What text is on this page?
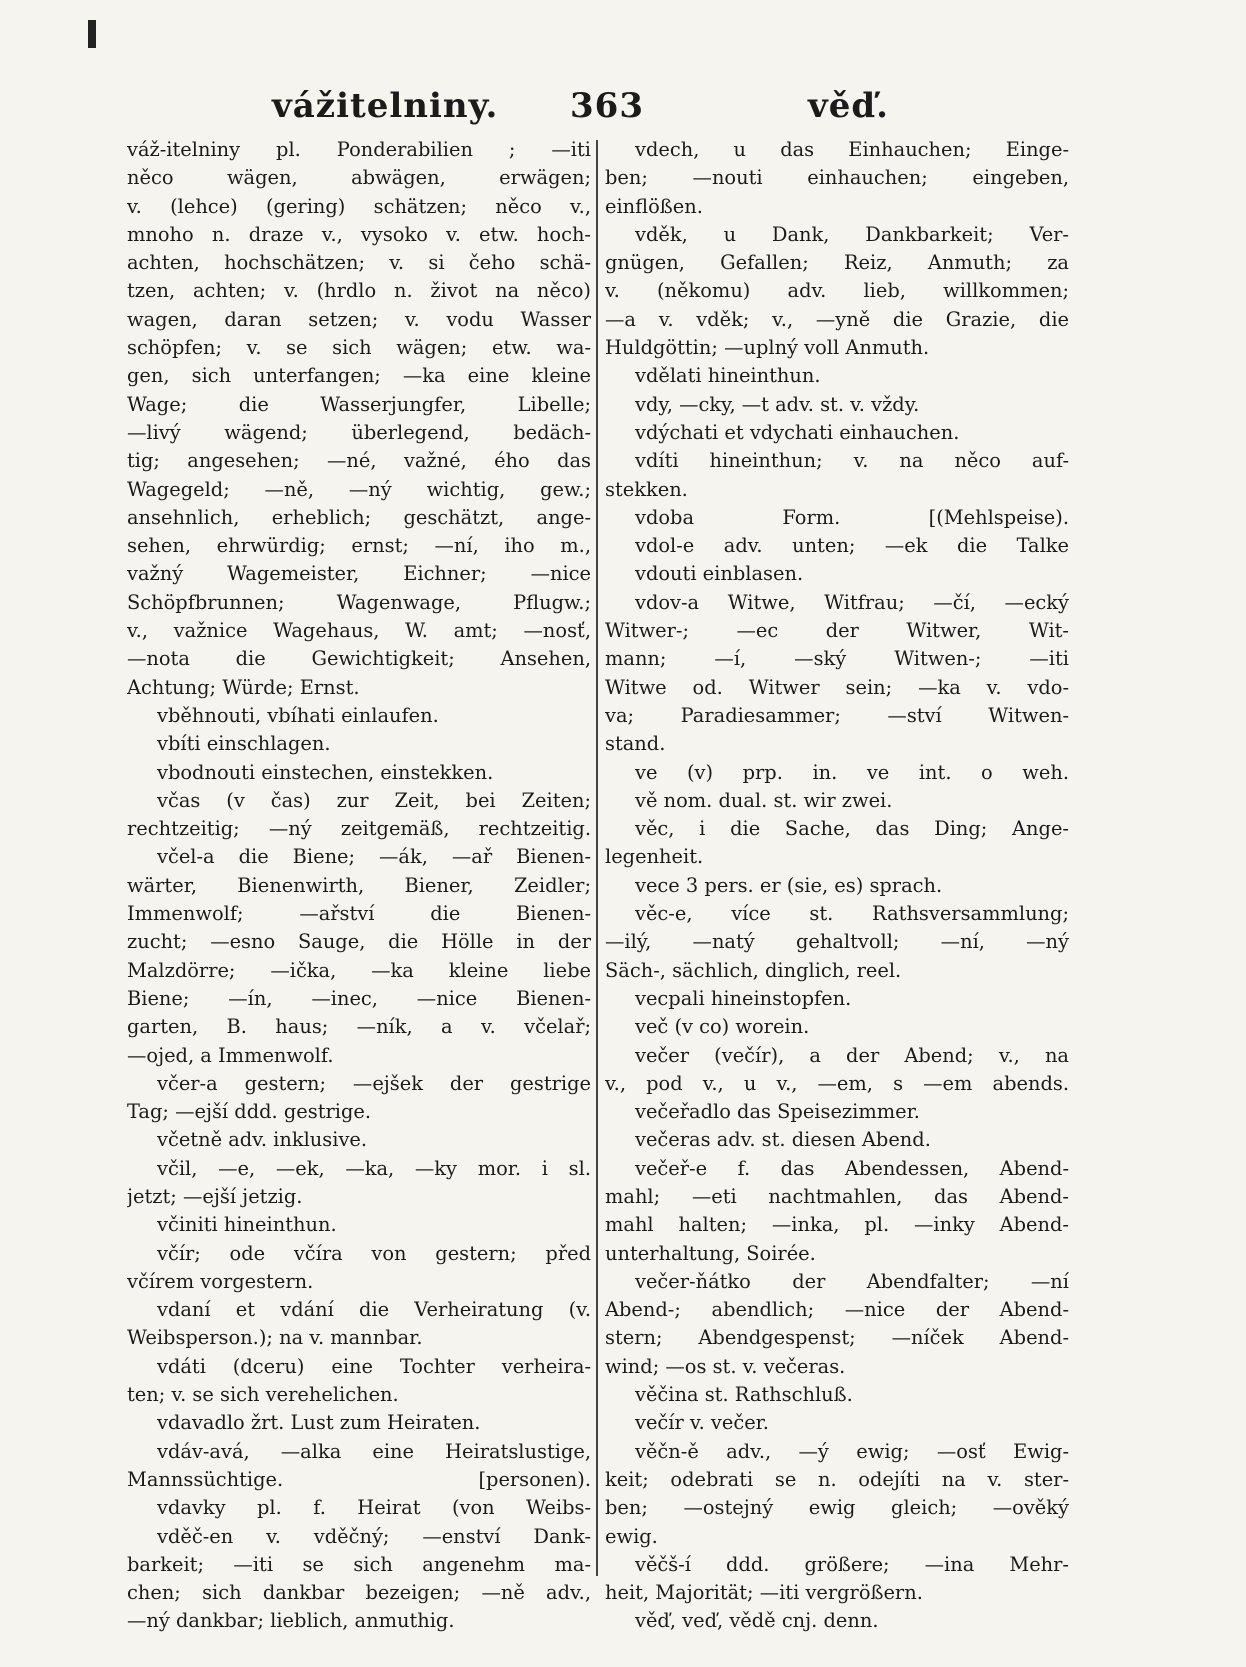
vážitelniny. 363	věď.
váž-itelniny pl. Ponderabilien ; —iti
něco wägen, abwägen, erwägen;
v. (lehce) (gering) schätzen; něco v.,
mnoho n. draze v., vysoko v. etw. hoch-
achten, hochschätzen; v. si čeho schä-
tzen, achten; v. (hrdlo n. život na něco)
wagen, daran setzen; v. vodu Wasser
schöpfen; v. se sich wägen; etw. wa-
gen, sich unterfangen; —ka eine kleine
Wage; die Wasserjungfer, Libelle;
—livý wägend; überlegend, bedäch-
tig; angesehen; —né, važné, ého das
Wagegeld; —ně, —ný wichtig, gew.;
ansehnlich, erheblich; geschätzt, ange-
sehen, ehrwürdig; ernst; —ní, iho m.,
važný Wagemeister, Eichner; —nice
Schöpfbrunnen; Wagenwage, Pflugw.;
v., važnice Wagehaus, W. amt; —nosť,
—nota die Gewichtigkeit; Ansehen,
Achtung; Würde; Ernst.
vběhnouti, vbíhati einlaufen.
vbíti einschlagen.
vbodnouti einstechen, einstekken.
včas (v čas) zur Zeit, bei Zeiten;
rechtzeitig; —ný zeitgemäß, rechtzeitig.
včel-a die Biene; —ák, —ař Bienen-
wärter, Bienenwirth, Biener, Zeidler;
Immenwolf; —ařství die Bienen-
zucht; —esno Sauge, die Hölle in der
Malzdörre; —ička, —ka kleine liebe
Biene; —ín, —inec, —nice Bienen-
garten, B. haus; —ník, a v. včelař;
—ojed, a Immenwolf.
včer-a gestern; —ejšek der gestrige
Tag; —ejší ddd. gestrige.
včetně adv. inklusive.
včil, —e, —ek, —ka, —ky mor. i sl.
jetzt; —ejší jetzig.
včiniti hineinthun.
včír; ode včíra von gestern; před
včírem vorgestern.
vdaní et vdání die Verheiratung (v.
Weibsperson.); na v. mannbar.
vdáti (dceru) eine Tochter verheira-
ten; v. se sich verehelichen.
vdavadlo žrt. Lust zum Heiraten.
vdáv-avá, —alka eine Heiratslustige,
Mannssüchtige. [personen).
vdavky pl. f. Heirat (von Weibs-
vděč-en v. vděčný; —enství Dank-
barkeit; —iti se sich angenehm ma-
chen; sich dankbar bezeigen; —ně adv.,
—ný dankbar; lieblich, anmuthig.
vdech, u das Einhauchen; Einge-
ben; —nouti einhauchen; eingeben,
einflößen.
vděk, u Dank, Dankbarkeit; Ver-
gnügen, Gefallen; Reiz, Anmuth; za
v. (někomu) adv. lieb, willkommen;
—a v. vděk; v., —yně die Grazie, die
Huldgöttin; —uplný voll Anmuth.
vdělati hineinthun.
vdy, —cky, —t adv. st. v. vždy.
vdýchati et vdychati einhauchen.
vdíti hineinthun; v. na něco auf-
stekken.
vdoba Form. [(Mehlspeise).
vdol-e adv. unten; —ek die Talke
vdouti einblasen.
vdov-a Witwe, Witfrau; —čí, —ecký
Witwer-; —ec der Witwer, Wit-
mann; —í, —ský Witwen-; —iti
Witwe od. Witwer sein; —ka v. vdo-
va; Paradiesammer; —ství Witwen-
stand.
ve (v) prp. in. ve int. o weh.
vě nom. dual. st. wir zwei.
věc, i die Sache, das Ding; Ange-
legenheit.
vece 3 pers. er (sie, es) sprach.
věc-e, více st. Rathsversammlung;
—ilý, —natý gehaltvoll; —ní, —ný
Säch-, sächlich, dinglich, reel.
vecpali hineinstopfen.
več (v co) worein.
večer (večír), a der Abend; v., na
v., pod v., u v., —em, s —em abends.
večeřadlo das Speisezimmer.
večeras adv. st. diesen Abend.
večeř-e f. das Abendessen, Abend-
mahl; —eti nachtmahlen, das Abend-
mahl halten; —inka, pl. —inky Abend-
unterhaltung, Soirée.
večer-ňátko der Abendfalter; —ní
Abend-; abendlich; —nice der Abend-
stern; Abendgespenst; —níček Abend-
wind; —os st. v. večeras.
věčina st. Rathschluß.
večír v. večer.
věčn-ě adv., —ý ewig; —osť Ewig-
keit; odebrati se n. odejíti na v. ster-
ben; —ostejný ewig gleich; —ověký
ewig.
věčš-í ddd. größere; —ina Mehr-
heit, Majorität; —iti vergrößern.
věď, veď, vědě cnj. denn.
